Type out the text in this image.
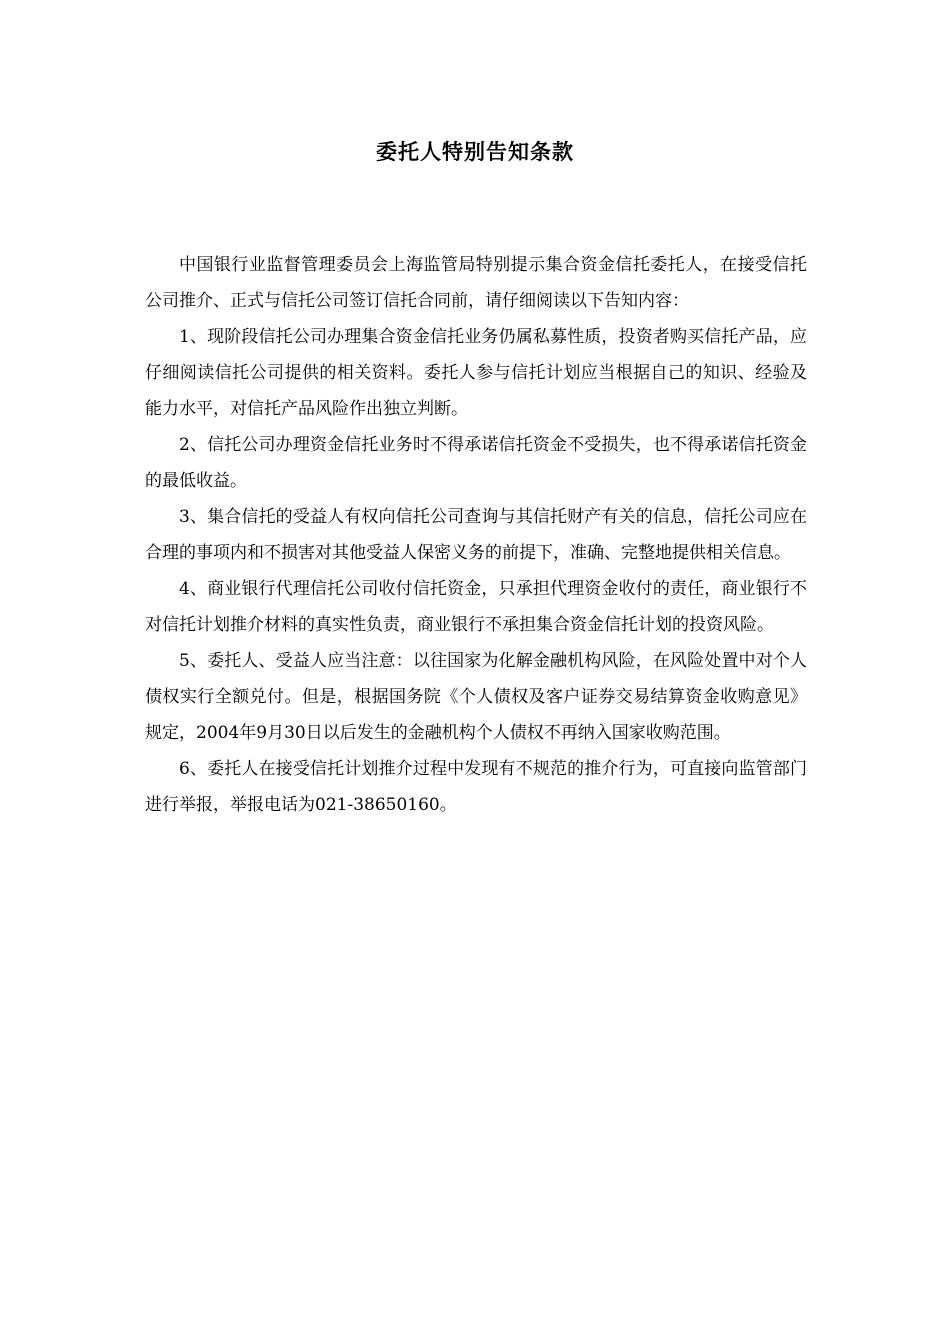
委托人特别告知条款

中国银行业监督管理委员会上海监管局特别提示集合资金信托委托人，在接受信托公司推介、正式与信托公司签订信托合同前，请仔细阅读以下告知内容：

1、现阶段信托公司办理集合资金信托业务仍属私募性质，投资者购买信托产品，应仔细阅读信托公司提供的相关资料。委托人参与信托计划应当根据自己的知识、经验及能力水平，对信托产品风险作出独立判断。

2、信托公司办理资金信托业务时不得承诺信托资金不受损失，也不得承诺信托资金的最低收益。

3、集合信托的受益人有权向信托公司查询与其信托财产有关的信息，信托公司应在合理的事项内和不损害对其他受益人保密义务的前提下，准确、完整地提供相关信息。

4、商业银行代理信托公司收付信托资金，只承担代理资金收付的责任，商业银行不对信托计划推介材料的真实性负责，商业银行不承担集合资金信托计划的投资风险。

5、委托人、受益人应当注意：以往国家为化解金融机构风险，在风险处置中对个人债权实行全额兑付。但是，根据国务院《个人债权及客户证券交易结算资金收购意见》规定，2004年9月30日以后发生的金融机构个人债权不再纳入国家收购范围。

6、委托人在接受信托计划推介过程中发现有不规范的推介行为，可直接向监管部门进行举报，举报电话为021-38650160。
